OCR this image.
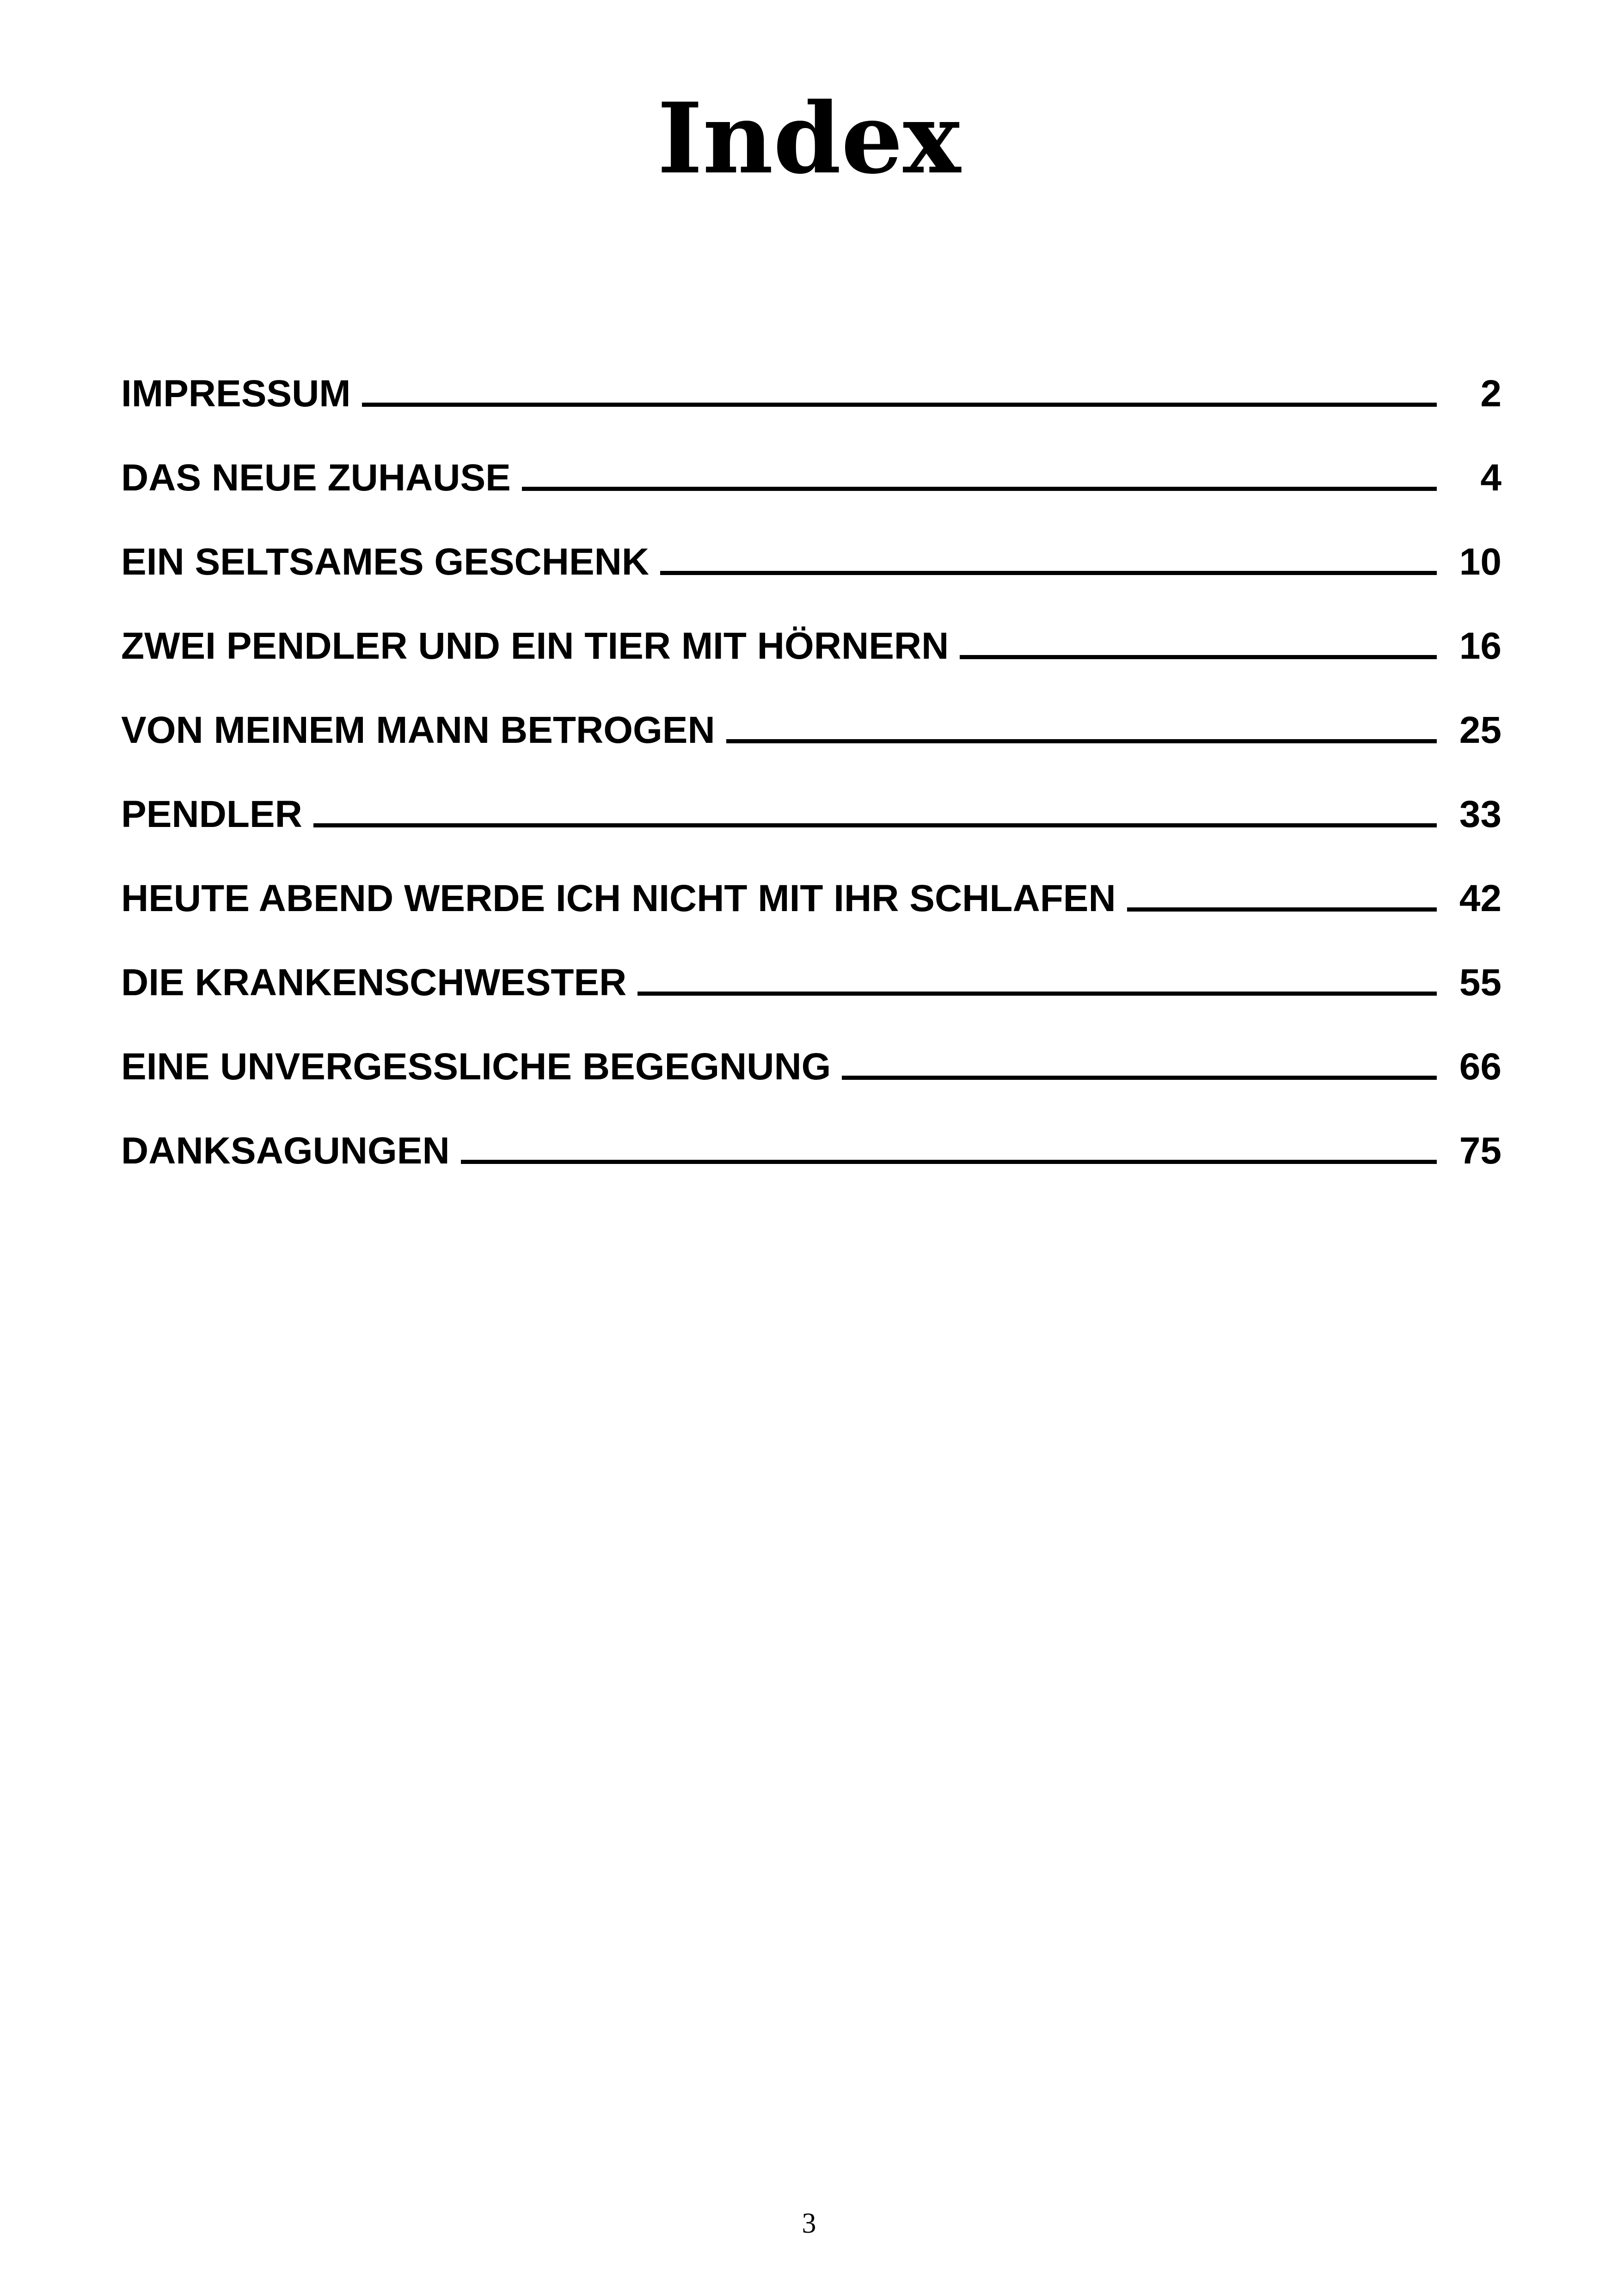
Index
IMPRESSUM	2
DAS NEUE ZUHAUSE	4
EIN SELTSAMES GESCHENK	10
ZWEI PENDLER UND EIN TIER MIT HÖRNERN	16
VON MEINEM MANN BETROGEN	25
PENDLER	33
HEUTE ABEND WERDE ICH NICHT MIT IHR SCHLAFEN	42
DIE KRANKENSCHWESTER	55
EINE UNVERGESSLICHE BEGEGNUNG	66
DANKSAGUNGEN	75
3
